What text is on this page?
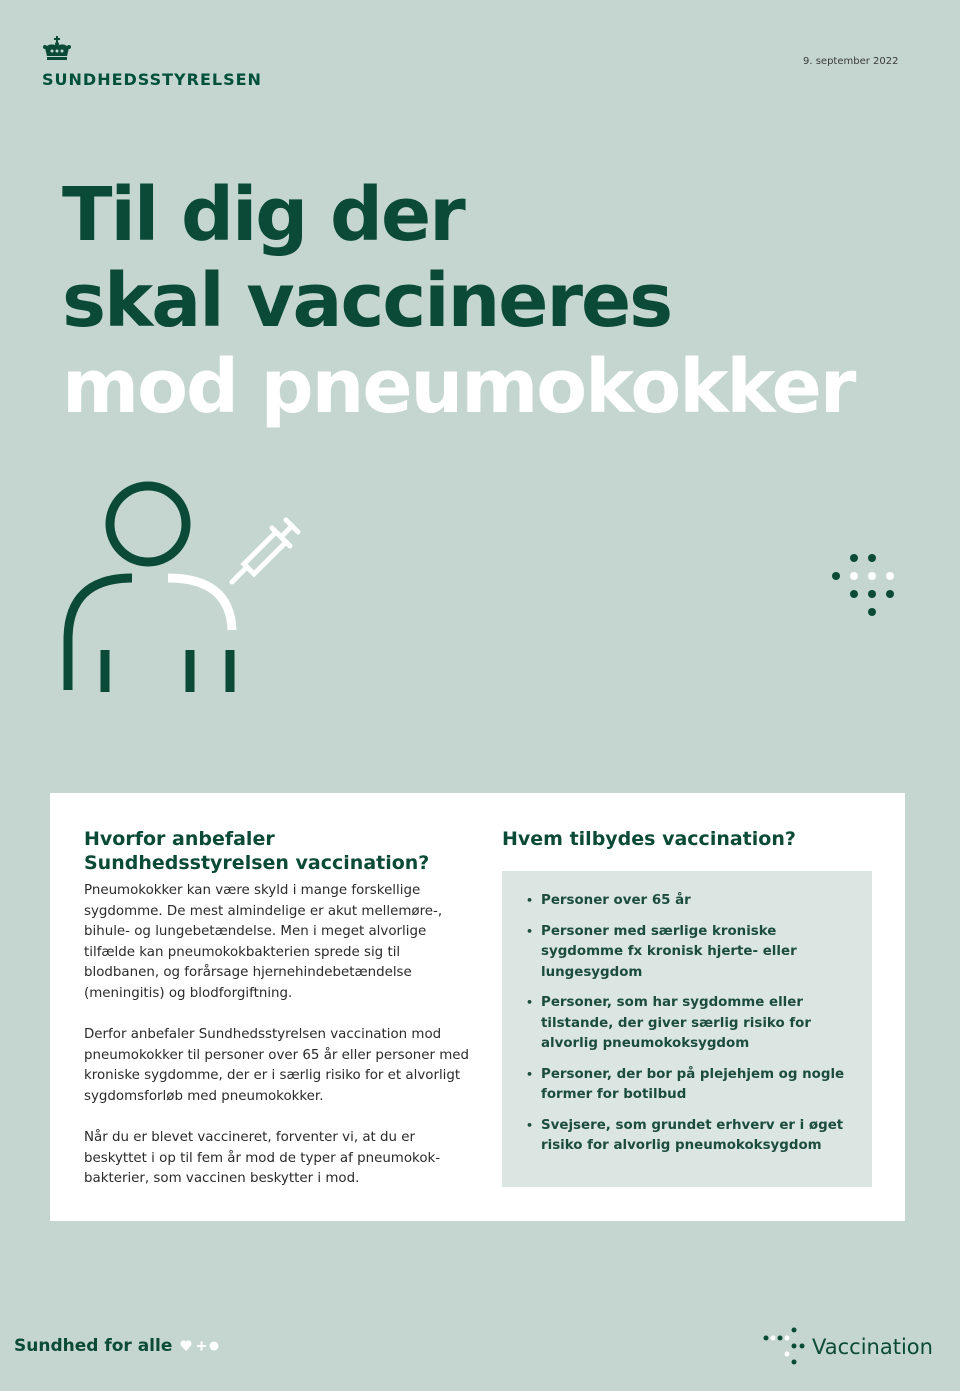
SUNDHEDSSTYRELSEN
9. september 2022
Til dig der
skal vaccineres
mod pneumokokker
Hvorfor anbefaler Sundhedsstyrelsen vaccination?

Pneumokokker kan være skyld i mange forskellige sygdomme. De mest almindelige er akut mellemøre-, bihule- og lungebetændelse. Men i meget alvorlige tilfælde kan pneumokokbakterien sprede sig til blodbanen, og forårsage hjernehindebetændelse (meningitis) og blodforgiftning.

Derfor anbefaler Sundhedsstyrelsen vaccination mod pneumokokker til personer over 65 år eller personer med kroniske sygdomme, der er i særlig risiko for et alvorligt sygdomsforløb med pneumokokker.

Når du er blevet vaccineret, forventer vi, at du er beskyttet i op til fem år mod de typer af pneumokok-bakterier, som vaccinen beskytter i mod.

Hvem tilbydes vaccination?
• Personer over 65 år
• Personer med særlige kroniske sygdomme fx kronisk hjerte- eller lungesygdom
• Personer, som har sygdomme eller tilstande, der giver særlig risiko for alvorlig pneumokoksygdom
• Personer, der bor på plejehjem og nogle former for botilbud
• Svejsere, som grundet erhverv er i øget risiko for alvorlig pneumokoksygdom
Sundhed for alle	Vaccination
